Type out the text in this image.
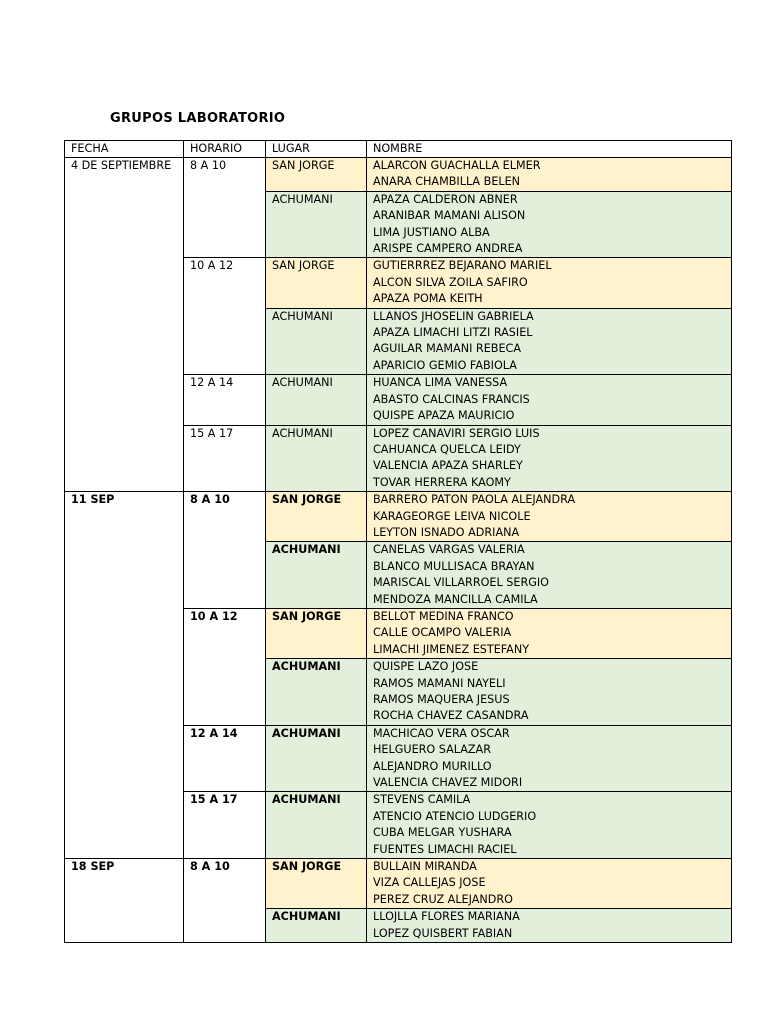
GRUPOS LABORATORIO
FECHA	HORARIO	LUGAR	NOMBRE
4 DE SEPTIEMBRE	8 A 10	SAN JORGE	ALARCON GUACHALLA ELMER
ANARA CHAMBILLA BELEN

		ACHUMANI	APAZA CALDERON ABNER
ARANIBAR MAMANI ALISON
LIMA JUSTIANO ALBA
ARISPE CAMPERO ANDREA

	10 A 12	SAN JORGE	GUTIERRREZ BEJARANO MARIEL
ALCON SILVA ZOILA SAFIRO
APAZA POMA KEITH

		ACHUMANI	LLANOS JHOSELIN GABRIELA
APAZA LIMACHI LITZI RASIEL
AGUILAR MAMANI REBECA
APARICIO GEMIO FABIOLA

	12 A 14	ACHUMANI	HUANCA LIMA VANESSA
ABASTO CALCINAS FRANCIS
QUISPE APAZA MAURICIO

	15 A 17	ACHUMANI	LOPEZ CANAVIRI SERGIO LUIS
CAHUANCA QUELCA LEIDY
VALENCIA APAZA SHARLEY
TOVAR HERRERA KAOMY

11 SEP	8 A 10	SAN JORGE	BARRERO PATON PAOLA ALEJANDRA
KARAGEORGE LEIVA NICOLE
LEYTON ISNADO ADRIANA

		ACHUMANI	CANELAS VARGAS VALERIA
BLANCO MULLISACA BRAYAN
MARISCAL VILLARROEL SERGIO
MENDOZA MANCILLA CAMILA

	10 A 12	SAN JORGE	BELLOT MEDINA FRANCO
CALLE OCAMPO VALERIA
LIMACHI JIMENEZ ESTEFANY

		ACHUMANI	QUISPE LAZO JOSE
RAMOS MAMANI NAYELI
RAMOS MAQUERA JESUS
ROCHA CHAVEZ CASANDRA

	12 A 14	ACHUMANI	MACHICAO VERA OSCAR
HELGUERO SALAZAR
ALEJANDRO MURILLO
VALENCIA CHAVEZ MIDORI

	15 A 17	ACHUMANI	STEVENS CAMILA
ATENCIO ATENCIO LUDGERIO
CUBA MELGAR YUSHARA
FUENTES LIMACHI RACIEL

18 SEP	8 A 10	SAN JORGE	BULLAIN MIRANDA
VIZA CALLEJAS JOSE
PEREZ CRUZ ALEJANDRO

		ACHUMANI	LLOJLLA FLORES MARIANA
LOPEZ QUISBERT FABIAN
